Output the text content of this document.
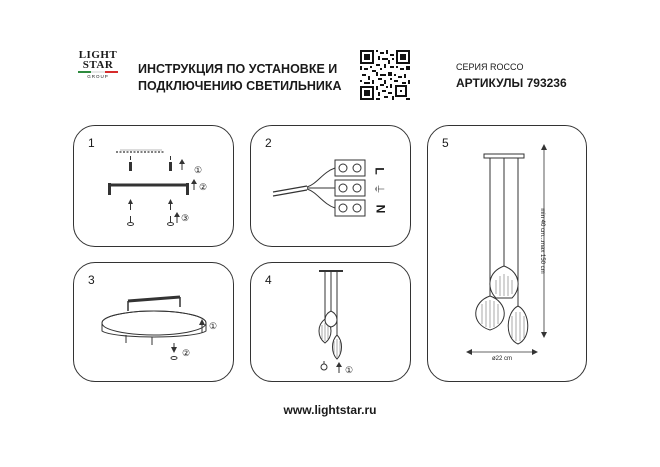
LIGHT
STAR
GROUP
ИНСТРУКЦИЯ ПО УСТАНОВКЕ И
ПОДКЛЮЧЕНИЮ СВЕТИЛЬНИКА
СЕРИЯ ROCCO
АРТИКУЛЫ 793236
1
①
②
③
2
L
⏚
N
3
①
②
4
①
5
min 40 cm...max 150 cm
ø22 cm
www.lightstar.ru
